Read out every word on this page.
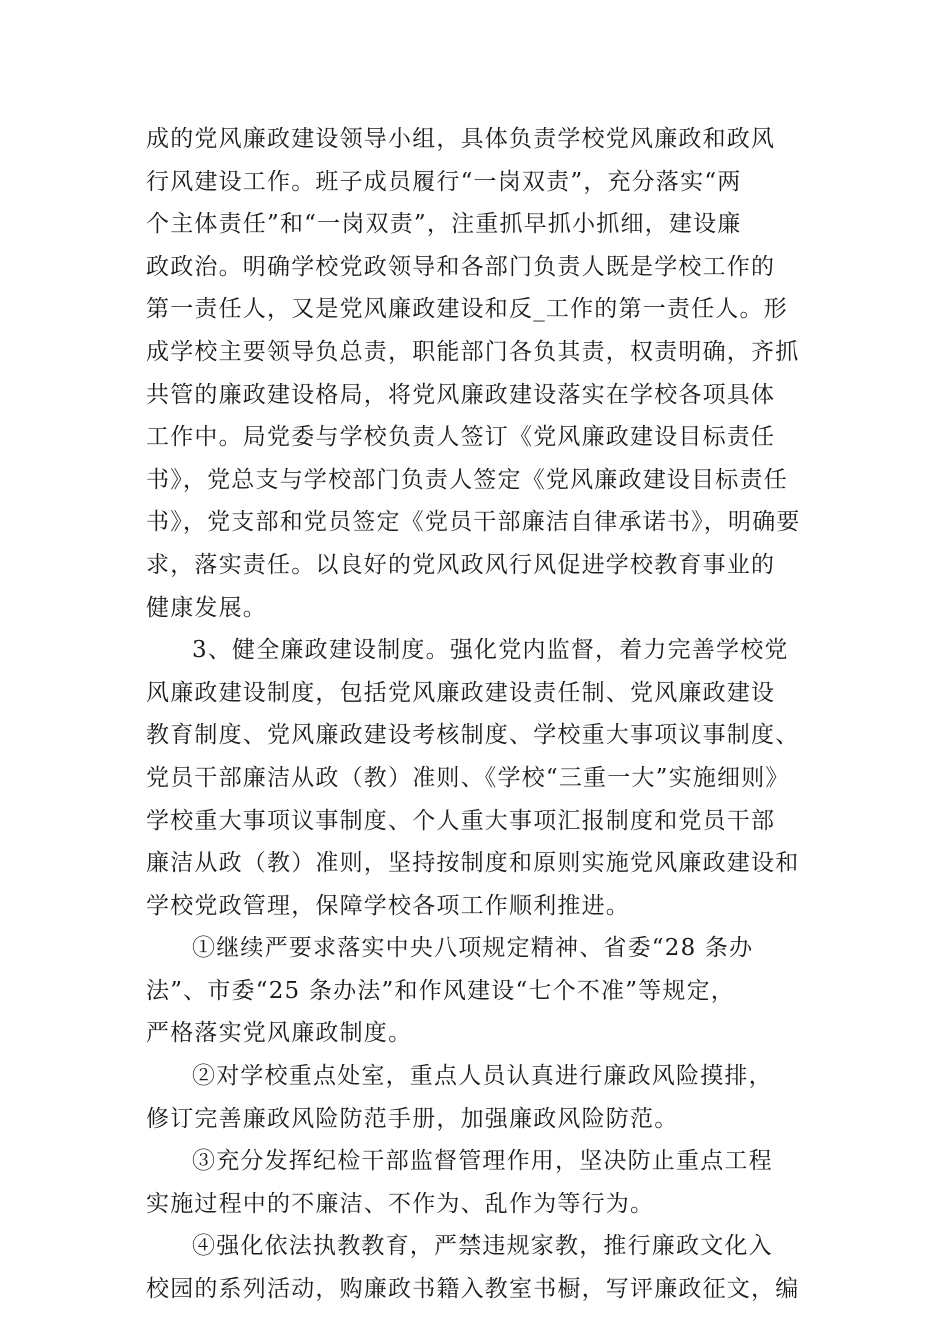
成的党风廉政建设领导小组，具体负责学校党风廉政和政风
行风建设工作。班子成员履行“一岗双责”，充分落实“两
个主体责任”和“一岗双责”，注重抓早抓小抓细，建设廉
政政治。明确学校党政领导和各部门负责人既是学校工作的
第一责任人，又是党风廉政建设和反_工作的第一责任人。形
成学校主要领导负总责，职能部门各负其责，权责明确，齐抓
共管的廉政建设格局，将党风廉政建设落实在学校各项具体
工作中。局党委与学校负责人签订《党风廉政建设目标责任
书》，党总支与学校部门负责人签定《党风廉政建设目标责任
书》，党支部和党员签定《党员干部廉洁自律承诺书》，明确要
求，落实责任。以良好的党风政风行风促进学校教育事业的
健康发展。
3、健全廉政建设制度。强化党内监督，着力完善学校党
风廉政建设制度，包括党风廉政建设责任制、党风廉政建设
教育制度、党风廉政建设考核制度、学校重大事项议事制度、
党员干部廉洁从政（教）准则、《学校“三重一大”实施细则》
学校重大事项议事制度、个人重大事项汇报制度和党员干部
廉洁从政（教）准则，坚持按制度和原则实施党风廉政建设和
学校党政管理，保障学校各项工作顺利推进。
①继续严要求落实中央八项规定精神、省委“28 条办
法”、市委“25 条办法”和作风建设“七个不准”等规定，
严格落实党风廉政制度。
②对学校重点处室，重点人员认真进行廉政风险摸排，
修订完善廉政风险防范手册，加强廉政风险防范。
③充分发挥纪检干部监督管理作用，坚决防止重点工程
实施过程中的不廉洁、不作为、乱作为等行为。
④强化依法执教教育，严禁违规家教，推行廉政文化入
校园的系列活动，购廉政书籍入教室书橱，写评廉政征文，编
